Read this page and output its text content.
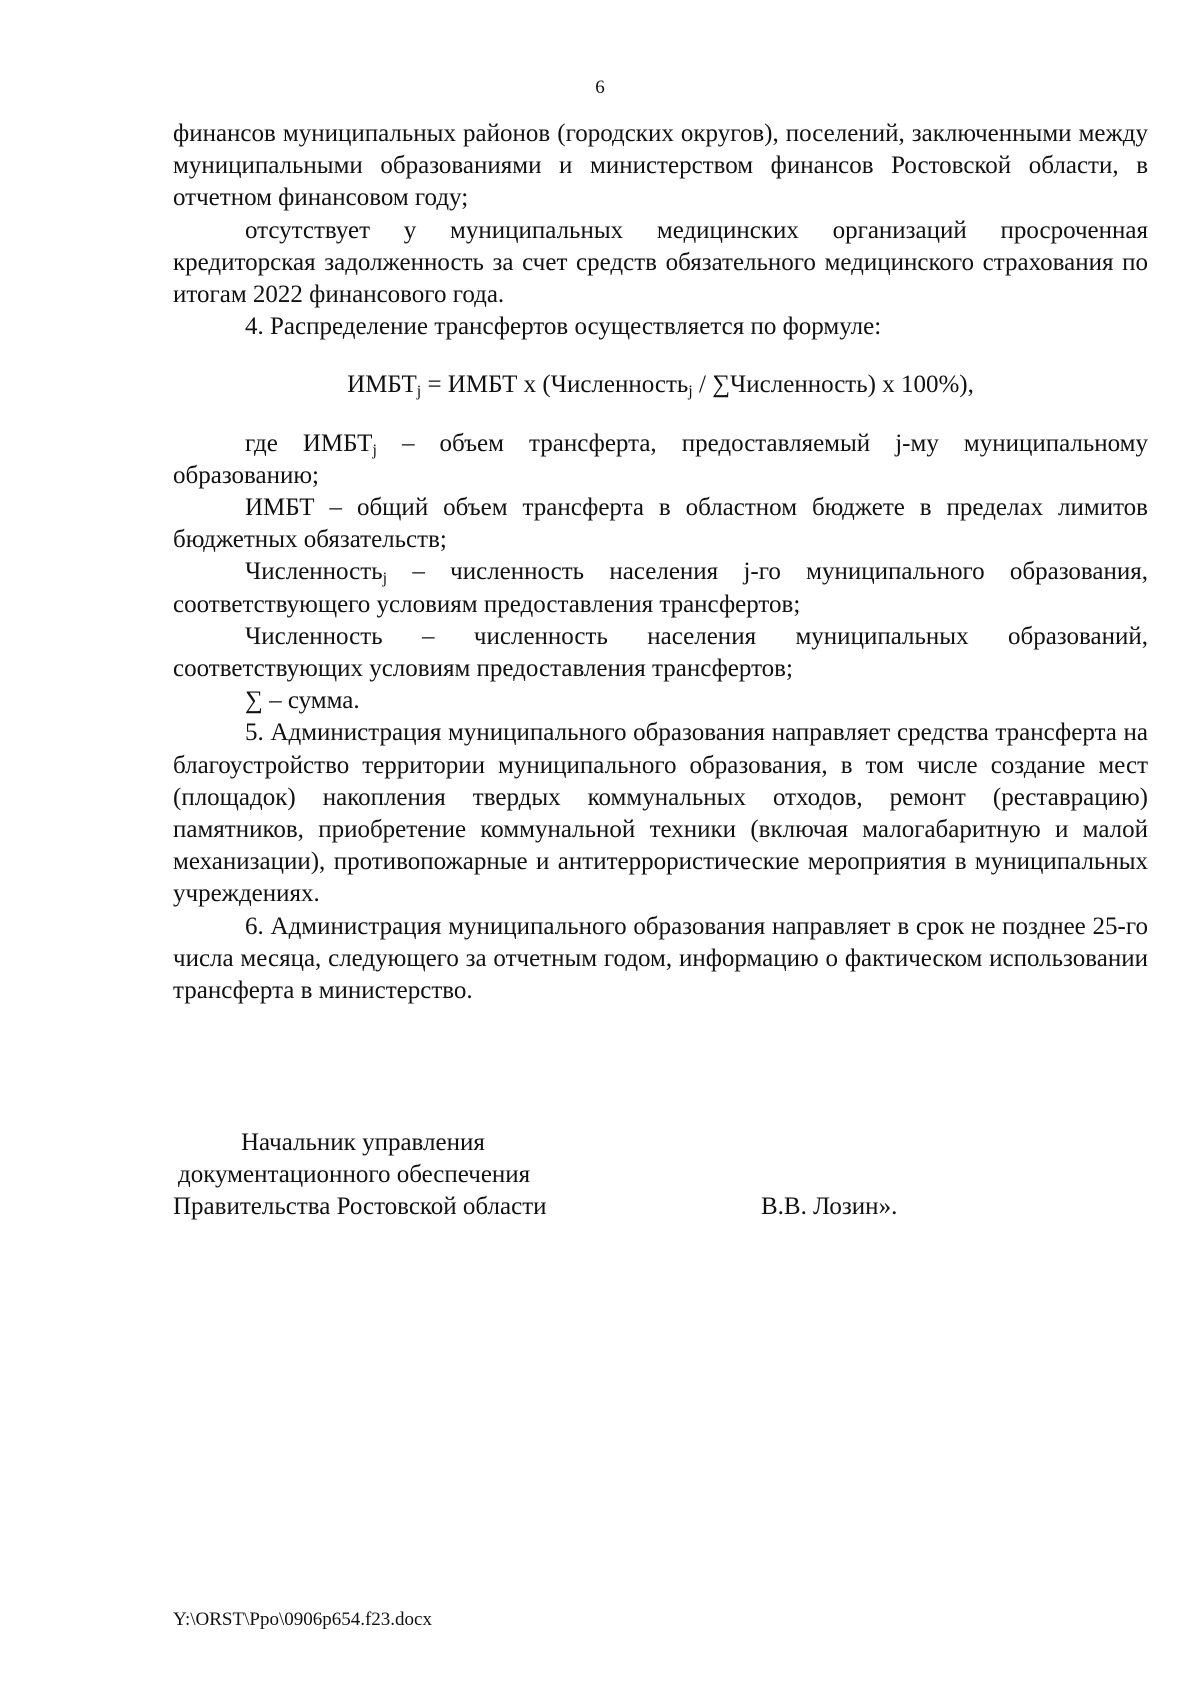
6

финансов муниципальных районов (городских округов), поселений, заключенными между муниципальными образованиями и министерством финансов Ростовской области, в отчетном финансовом году;

отсутствует у муниципальных медицинских организаций просроченная кредиторская задолженность за счет средств обязательного медицинского страхования по итогам 2022 финансового года.

4. Распределение трансфертов осуществляется по формуле:

$ИМБТ_j$ = ИМБТ х (Численность$_j$ / ∑Численность) х 100%),

где $ИМБТ_j$ – объем трансферта, предоставляемый j-му муниципальному образованию;

ИМБТ – общий объем трансферта в областном бюджете в пределах лимитов бюджетных обязательств;

Численность$_j$ – численность населения j-го муниципального образования, соответствующего условиям предоставления трансфертов;

Численность – численность населения муниципальных образований, соответствующих условиям предоставления трансфертов;

∑ – сумма.

5. Администрация муниципального образования направляет средства трансферта на благоустройство территории муниципального образования, в том числе создание мест (площадок) накопления твердых коммунальных отходов, ремонт (реставрацию) памятников, приобретение коммунальной техники (включая малогабаритную и малой механизации), противопожарные и антитеррористические мероприятия в муниципальных учреждениях.

6. Администрация муниципального образования направляет в срок не позднее 25-го числа месяца, следующего за отчетным годом, информацию о фактическом использовании трансферта в министерство.

Начальник управления
документационного обеспечения
Правительства Ростовской области	В.В. Лозин».
Y:\ORST\Ppo\0906p654.f23.docx
